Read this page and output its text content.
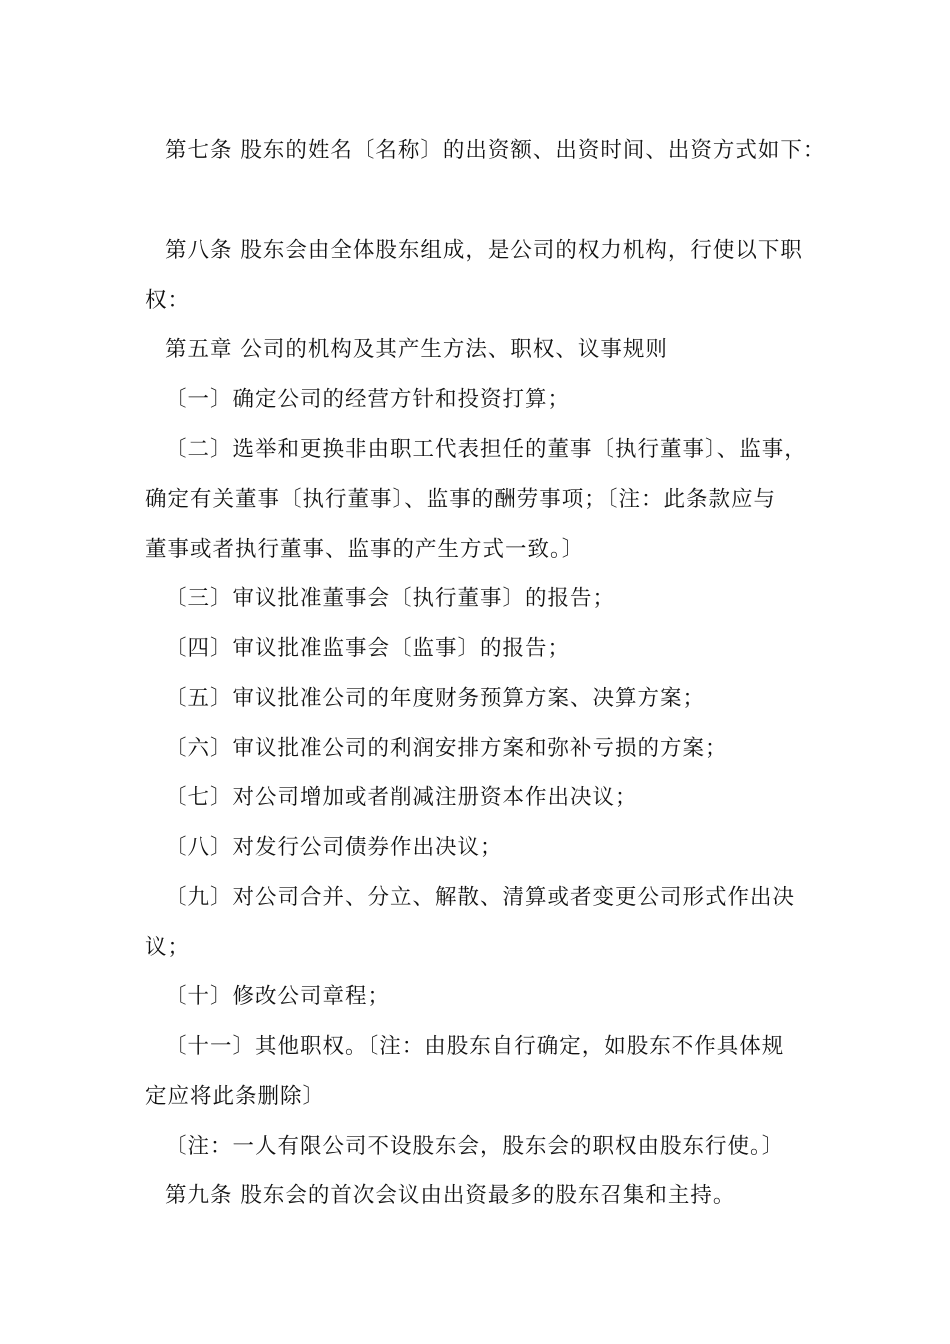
第七条 股东的姓名〔名称〕的出资额、出资时间、出资方式如下：
第八条 股东会由全体股东组成，是公司的权力机构，行使以下职
权：
第五章 公司的机构及其产生方法、职权、议事规则
〔一〕确定公司的经营方针和投资打算；
〔二〕选举和更换非由职工代表担任的董事〔执行董事〕、监事，
确定有关董事〔执行董事〕、监事的酬劳事项；〔注：此条款应与
董事或者执行董事、监事的产生方式一致。〕
〔三〕审议批准董事会〔执行董事〕的报告；
〔四〕审议批准监事会〔监事〕的报告；
〔五〕审议批准公司的年度财务预算方案、决算方案；
〔六〕审议批准公司的利润安排方案和弥补亏损的方案；
〔七〕对公司增加或者削减注册资本作出决议；
〔八〕对发行公司债券作出决议；
〔九〕对公司合并、分立、解散、清算或者变更公司形式作出决
议；
〔十〕修改公司章程；
〔十一〕其他职权。〔注：由股东自行确定，如股东不作具体规
定应将此条删除〕
〔注：一人有限公司不设股东会，股东会的职权由股东行使。〕
第九条 股东会的首次会议由出资最多的股东召集和主持。
